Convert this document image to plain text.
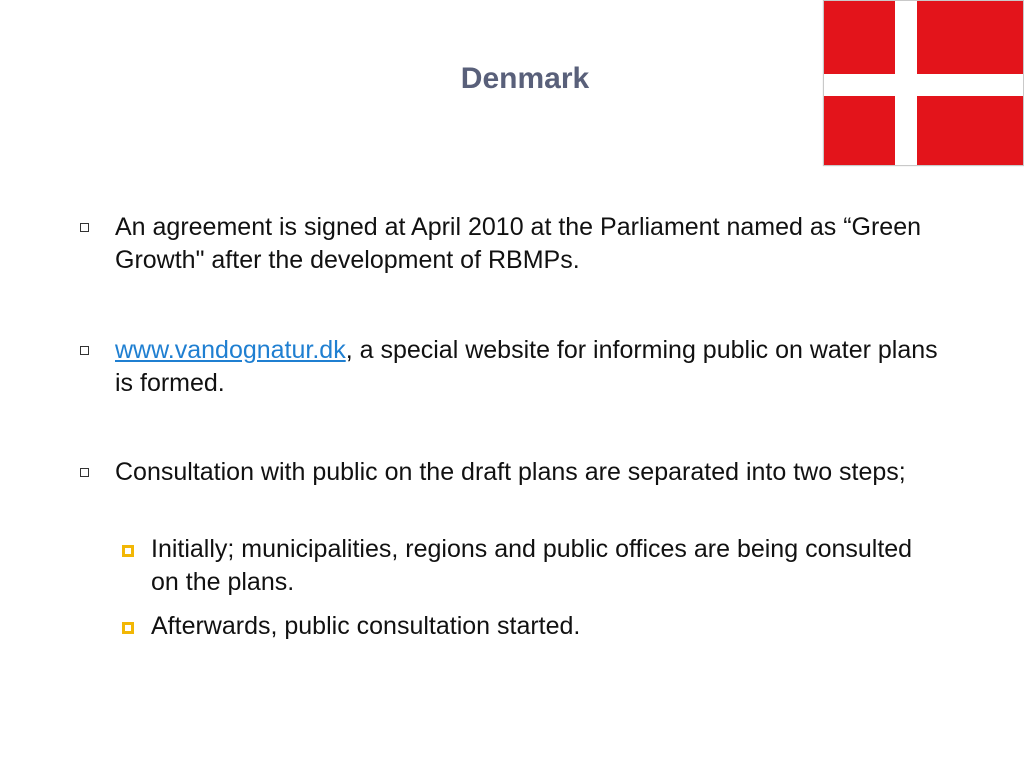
Denmark
An agreement is signed at April 2010 at the Parliament named as “Green Growth" after the development of RBMPs.
www.vandognatur.dk, a special website for informing public on water plans is formed.
Consultation with public on the draft plans are separated into two steps;
Initially; municipalities, regions and public offices are being consulted on the plans.
Afterwards, public consultation started.
